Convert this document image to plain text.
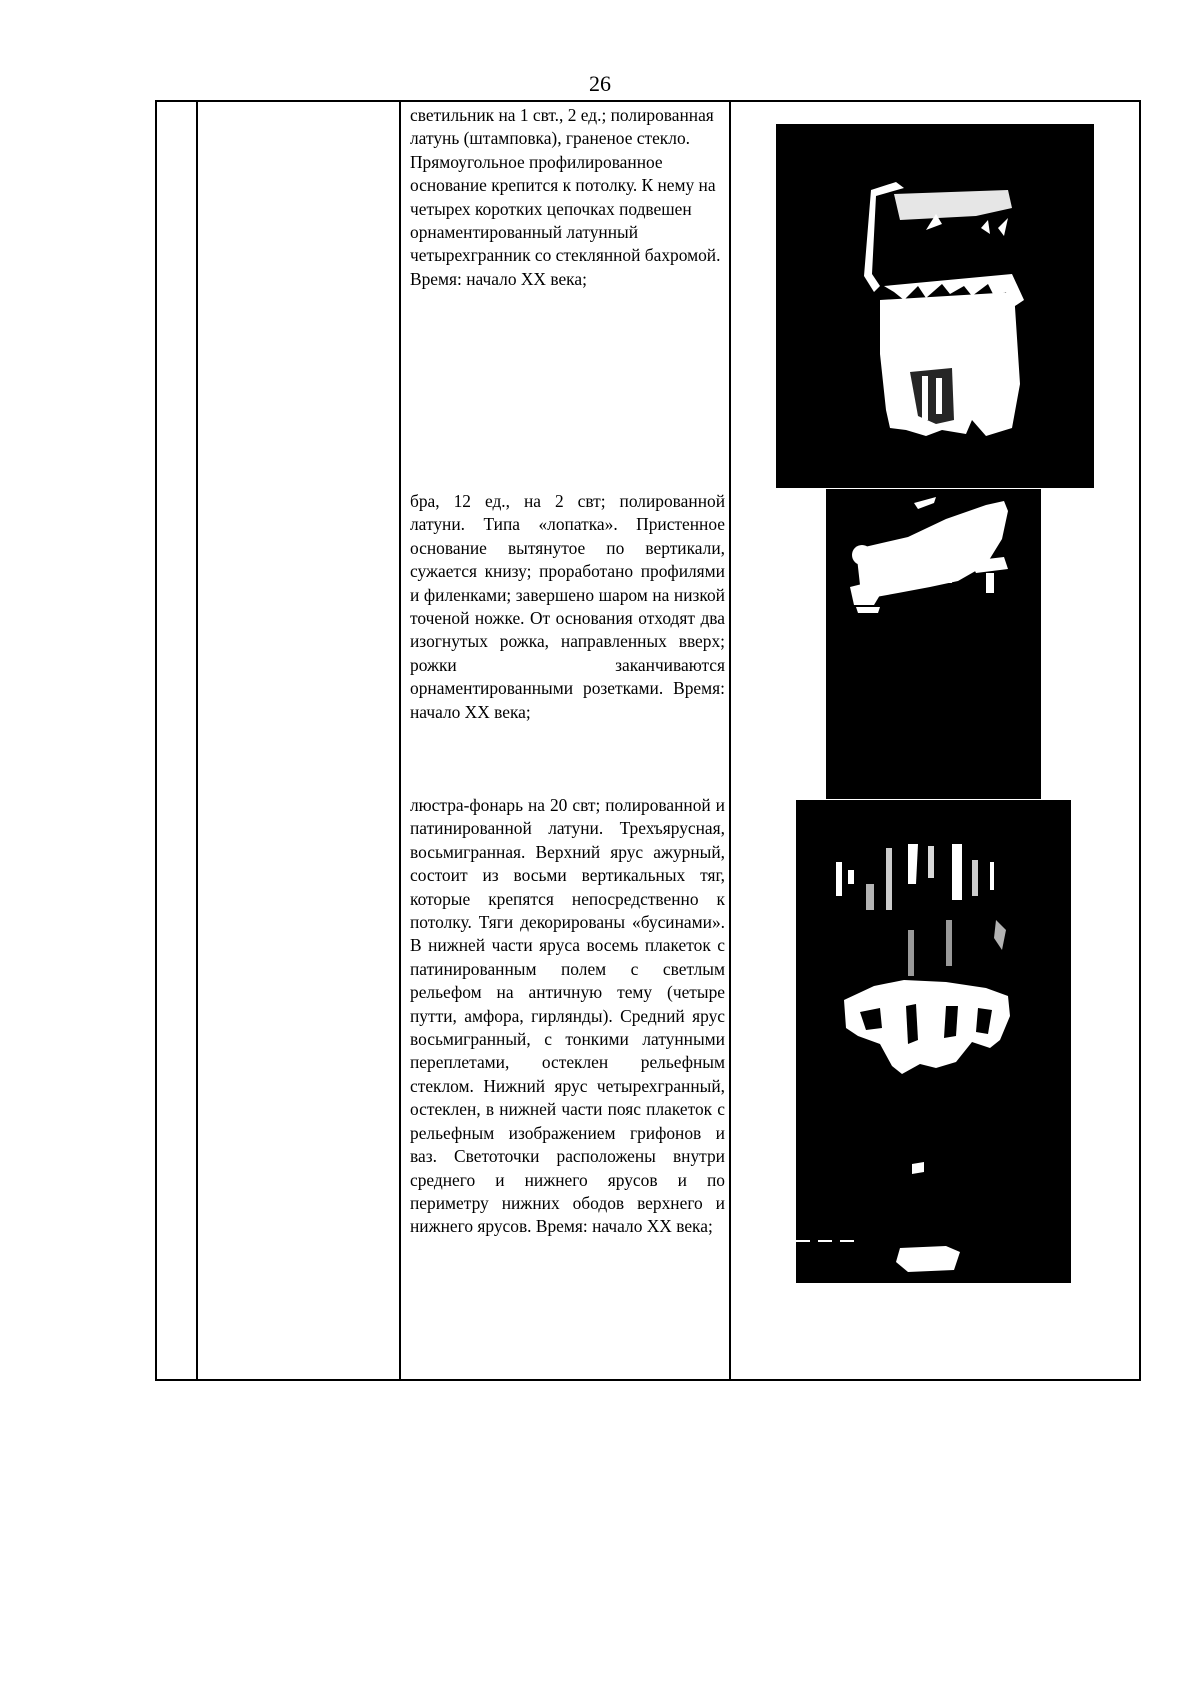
26
светильник на 1 свт., 2 ед.; полированная латунь (штамповка), граненое стекло. Прямоугольное профилированное основание крепится к потолку. К нему на четырех коротких цепочках подвешен орнаментированный латунный четырехгранник со стеклянной бахромой. Время: начало XX века;
бра, 12 ед., на 2 свт; полированной латуни. Типа «лопатка». Пристенное основание вытянутое по вертикали, сужается книзу; проработано профилями и филенками; завершено шаром на низкой точеной ножке. От основания отходят два изогнутых рожка, направленных вверх; рожки заканчиваются орнаментированными розетками. Время: начало XX века;
люстра-фонарь на 20 свт; полированной и патинированной латуни. Трехъярусная, восьмигранная. Верхний ярус ажурный, состоит из восьми вертикальных тяг, которые крепятся непосредственно к потолку. Тяги декорированы «бусинами». В нижней части яруса восемь плакеток с патинированным полем с светлым рельефом на античную тему (четыре путти, амфора, гирлянды). Средний ярус восьмигранный, с тонкими латунными переплетами, остеклен рельефным стеклом. Нижний ярус четырехгранный, остеклен, в нижней части пояс плакеток с рельефным изображением грифонов и ваз. Светоточки расположены внутри среднего и нижнего ярусов и по периметру нижних ободов верхнего и нижнего ярусов. Время: начало XX века;
